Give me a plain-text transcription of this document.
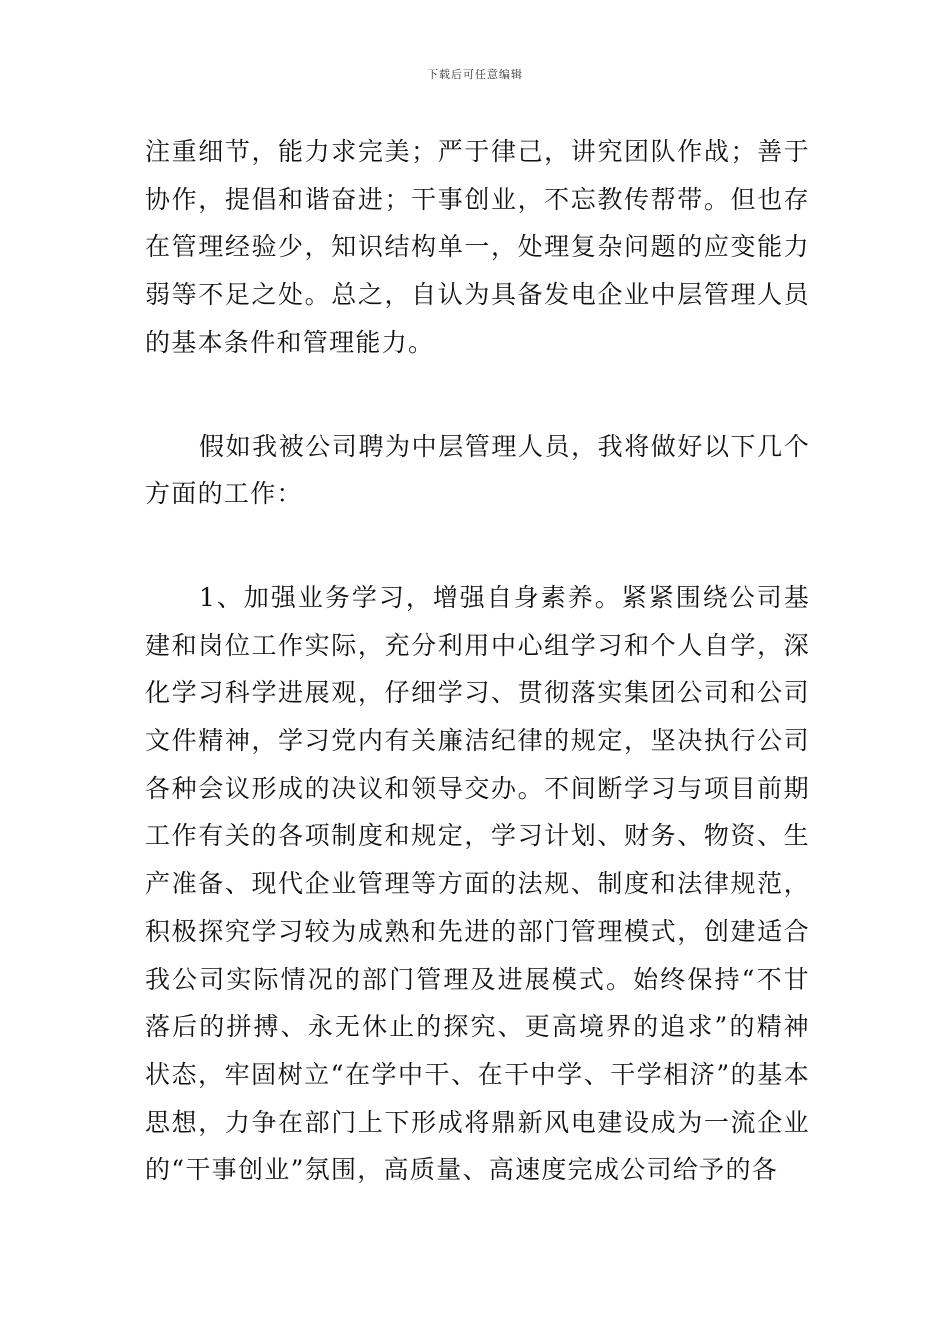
下载后可任意编辑

注重细节，能力求完美；严于律己，讲究团队作战；善于协作，提倡和谐奋进；干事创业，不忘教传帮带。但也存在管理经验少，知识结构单一，处理复杂问题的应变能力弱等不足之处。总之，自认为具备发电企业中层管理人员的基本条件和管理能力。

假如我被公司聘为中层管理人员，我将做好以下几个方面的工作：

1、加强业务学习，增强自身素养。紧紧围绕公司基建和岗位工作实际，充分利用中心组学习和个人自学，深化学习科学进展观，仔细学习、贯彻落实集团公司和公司文件精神，学习党内有关廉洁纪律的规定，坚决执行公司各种会议形成的决议和领导交办。不间断学习与项目前期工作有关的各项制度和规定，学习计划、财务、物资、生产准备、现代企业管理等方面的法规、制度和法律规范，积极探究学习较为成熟和先进的部门管理模式，创建适合我公司实际情况的部门管理及进展模式。始终保持“不甘落后的拼搏、永无休止的探究、更高境界的追求”的精神状态，牢固树立“在学中干、在干中学、干学相济”的基本思想，力争在部门上下形成将鼎新风电建设成为一流企业的“干事创业”氛围，高质量、高速度完成公司给予的各
